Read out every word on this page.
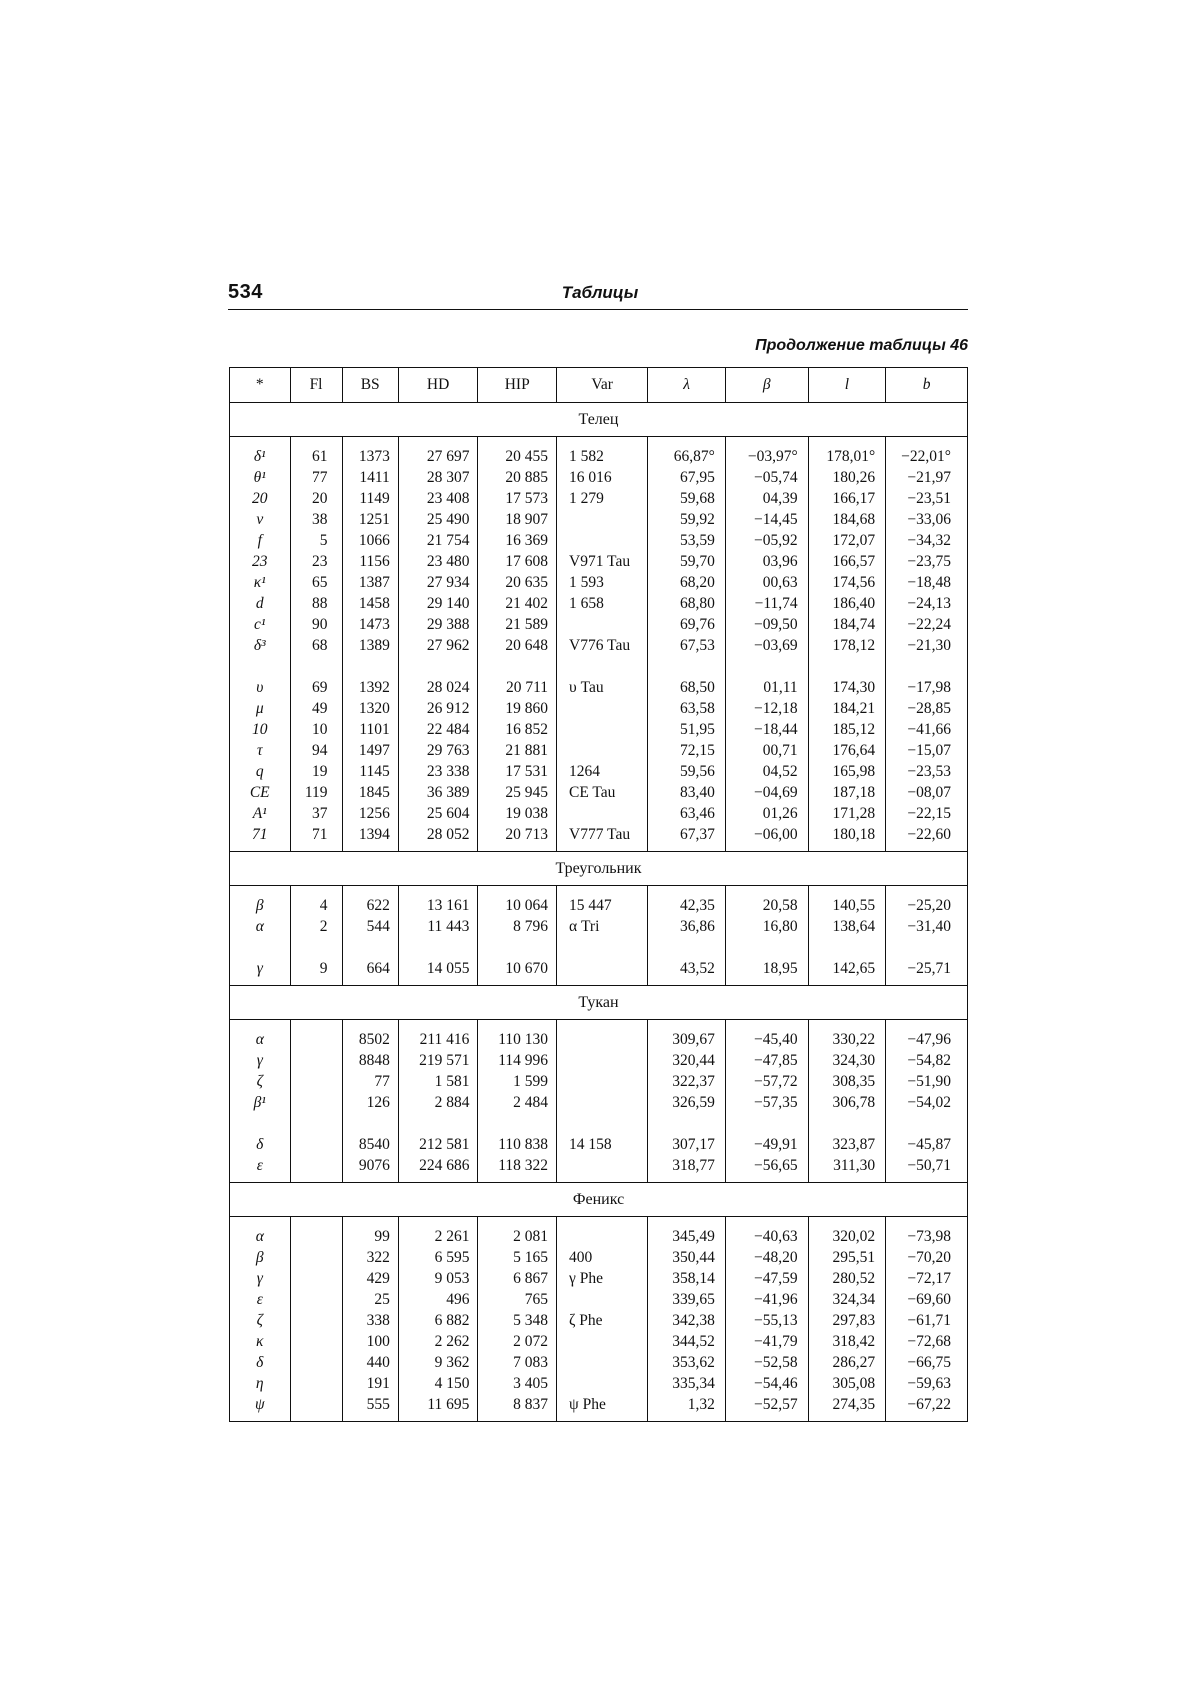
534	Таблицы
Продолжение таблицы 46
*	Fl	BS	HD	HIP	Var	λ	β	l	b
Телец									

δ¹	61	1373	27 697	20 455	1 582	66,87°	−03,97°	178,01°	−22,01°
θ¹	77	1411	28 307	20 885	16 016	67,95	−05,74	180,26	−21,97
20	20	1149	23 408	17 573	1 279	59,68	04,39	166,17	−23,51
ν	38	1251	25 490	18 907		59,92	−14,45	184,68	−33,06
f	5	1066	21 754	16 369		53,59	−05,92	172,07	−34,32
23	23	1156	23 480	17 608	V971 Tau	59,70	03,96	166,57	−23,75
κ¹	65	1387	27 934	20 635	1 593	68,20	00,63	174,56	−18,48
d	88	1458	29 140	21 402	1 658	68,80	−11,74	186,40	−24,13
c¹	90	1473	29 388	21 589		69,76	−09,50	184,74	−22,24
δ³	68	1389	27 962	20 648	V776 Tau	67,53	−03,69	178,12	−21,30

υ	69	1392	28 024	20 711	υ Tau	68,50	01,11	174,30	−17,98
μ	49	1320	26 912	19 860		63,58	−12,18	184,21	−28,85
10	10	1101	22 484	16 852		51,95	−18,44	185,12	−41,66
τ	94	1497	29 763	21 881		72,15	00,71	176,64	−15,07
q	19	1145	23 338	17 531	1264	59,56	04,52	165,98	−23,53
CE	119	1845	36 389	25 945	CE Tau	83,40	−04,69	187,18	−08,07
A¹	37	1256	25 604	19 038		63,46	01,26	171,28	−22,15
71	71	1394	28 052	20 713	V777 Tau	67,37	−06,00	180,18	−22,60

Треугольник									

β	4	622	13 161	10 064	15 447	42,35	20,58	140,55	−25,20
α	2	544	11 443	8 796	α Tri	36,86	16,80	138,64	−31,40

γ	9	664	14 055	10 670		43,52	18,95	142,65	−25,71

Тукан									

α		8502	211 416	110 130		309,67	−45,40	330,22	−47,96
γ		8848	219 571	114 996		320,44	−47,85	324,30	−54,82
ζ		77	1 581	1 599		322,37	−57,72	308,35	−51,90
β¹		126	2 884	2 484		326,59	−57,35	306,78	−54,02

δ		8540	212 581	110 838	14 158	307,17	−49,91	323,87	−45,87
ε		9076	224 686	118 322		318,77	−56,65	311,30	−50,71

Феникс									

α		99	2 261	2 081		345,49	−40,63	320,02	−73,98
β		322	6 595	5 165	400	350,44	−48,20	295,51	−70,20
γ		429	9 053	6 867	γ Phe	358,14	−47,59	280,52	−72,17
ε		25	496	765		339,65	−41,96	324,34	−69,60
ζ		338	6 882	5 348	ζ Phe	342,38	−55,13	297,83	−61,71
κ		100	2 262	2 072		344,52	−41,79	318,42	−72,68
δ		440	9 362	7 083		353,62	−52,58	286,27	−66,75
η		191	4 150	3 405		335,34	−54,46	305,08	−59,63
ψ		555	11 695	8 837	ψ Phe	1,32	−52,57	274,35	−67,22
